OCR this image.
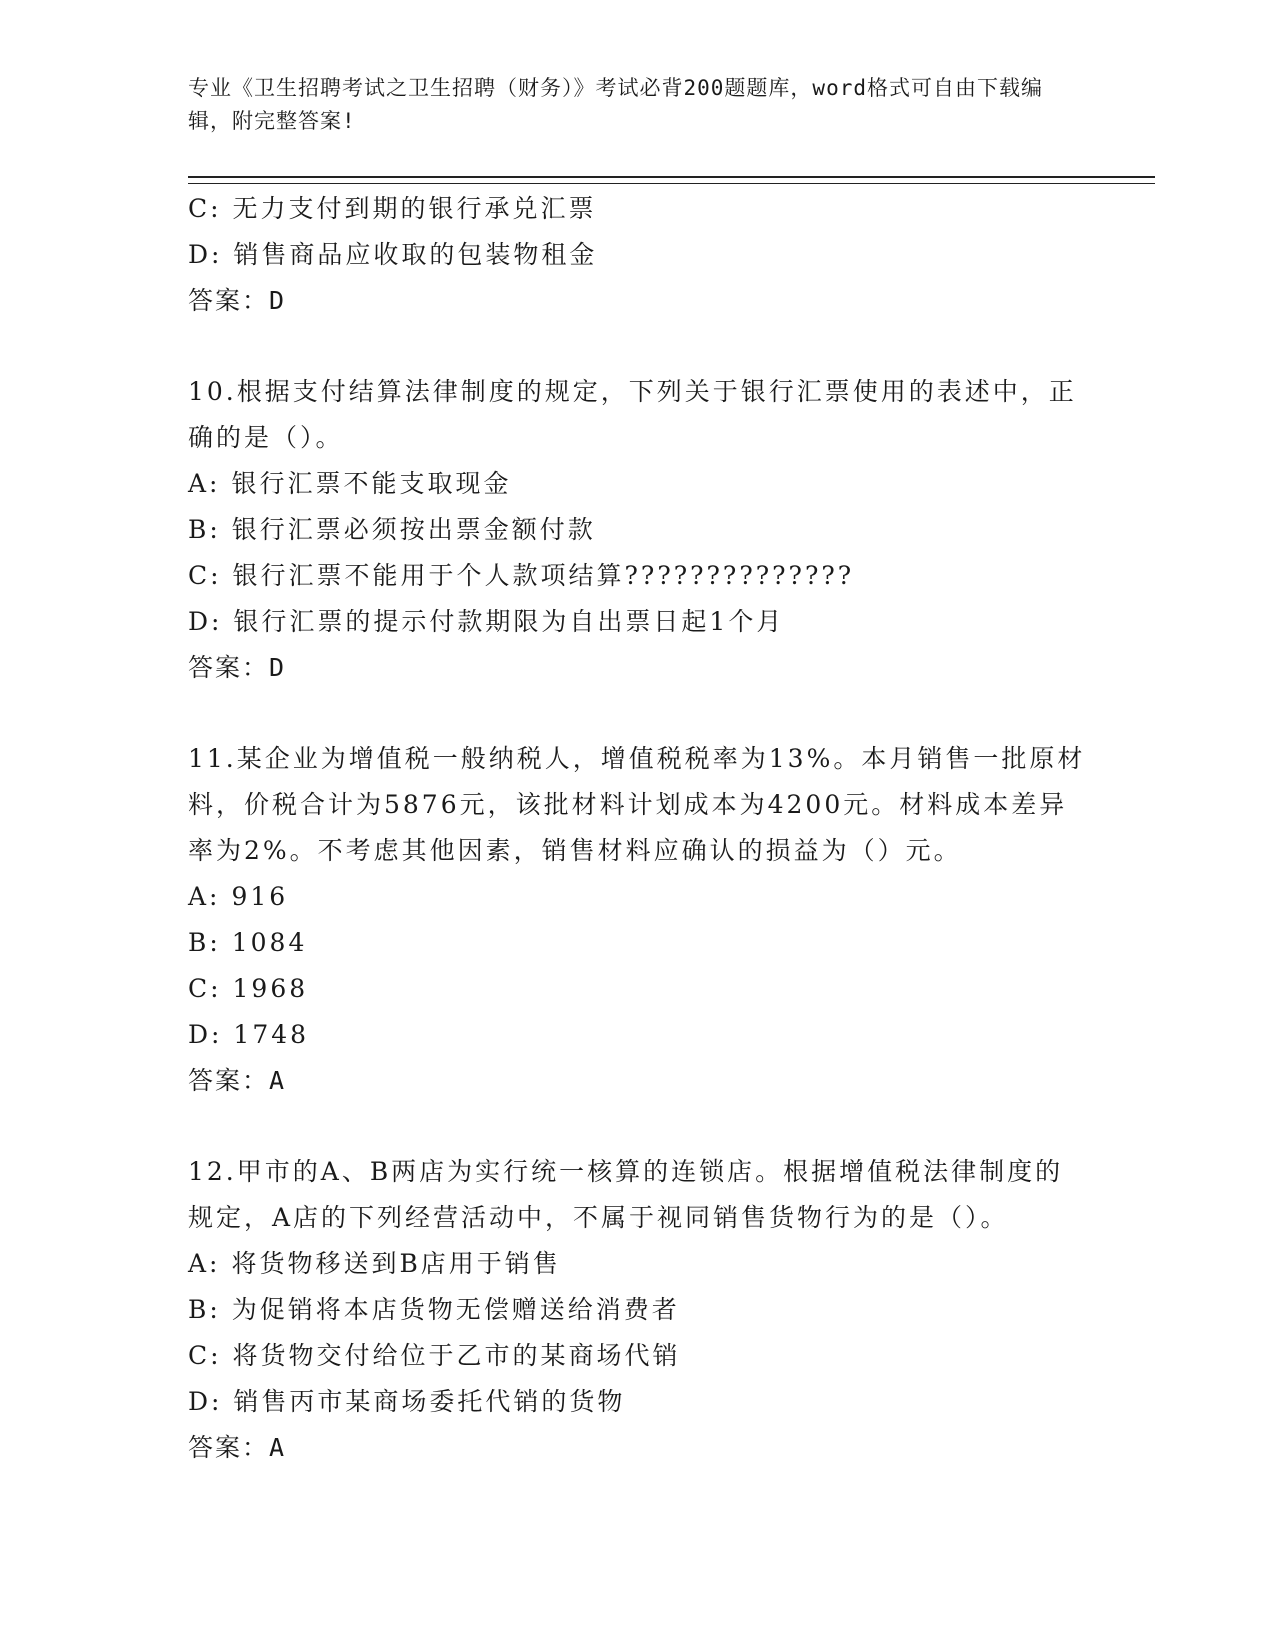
专业《卫生招聘考试之卫生招聘（财务）》考试必背200题题库，word格式可自由下载编辑，附完整答案!
C: 无力支付到期的银行承兑汇票
D: 销售商品应收取的包装物租金
答案：D
10.根据支付结算法律制度的规定，下列关于银行汇票使用的表述中，正确的是（）。
A: 银行汇票不能支取现金
B: 银行汇票必须按出票金额付款
C: 银行汇票不能用于个人款项结算??????????????
D: 银行汇票的提示付款期限为自出票日起1个月
答案：D
11.某企业为增值税一般纳税人，增值税税率为13%。本月销售一批原材料，价税合计为5876元，该批材料计划成本为4200元。材料成本差异率为2%。不考虑其他因素，销售材料应确认的损益为（）元。
A: 916
B: 1084
C: 1968
D: 1748
答案：A
12.甲市的A、B两店为实行统一核算的连锁店。根据增值税法律制度的规定，A店的下列经营活动中，不属于视同销售货物行为的是（）。
A: 将货物移送到B店用于销售
B: 为促销将本店货物无偿赠送给消费者
C: 将货物交付给位于乙市的某商场代销
D: 销售丙市某商场委托代销的货物
答案：A
